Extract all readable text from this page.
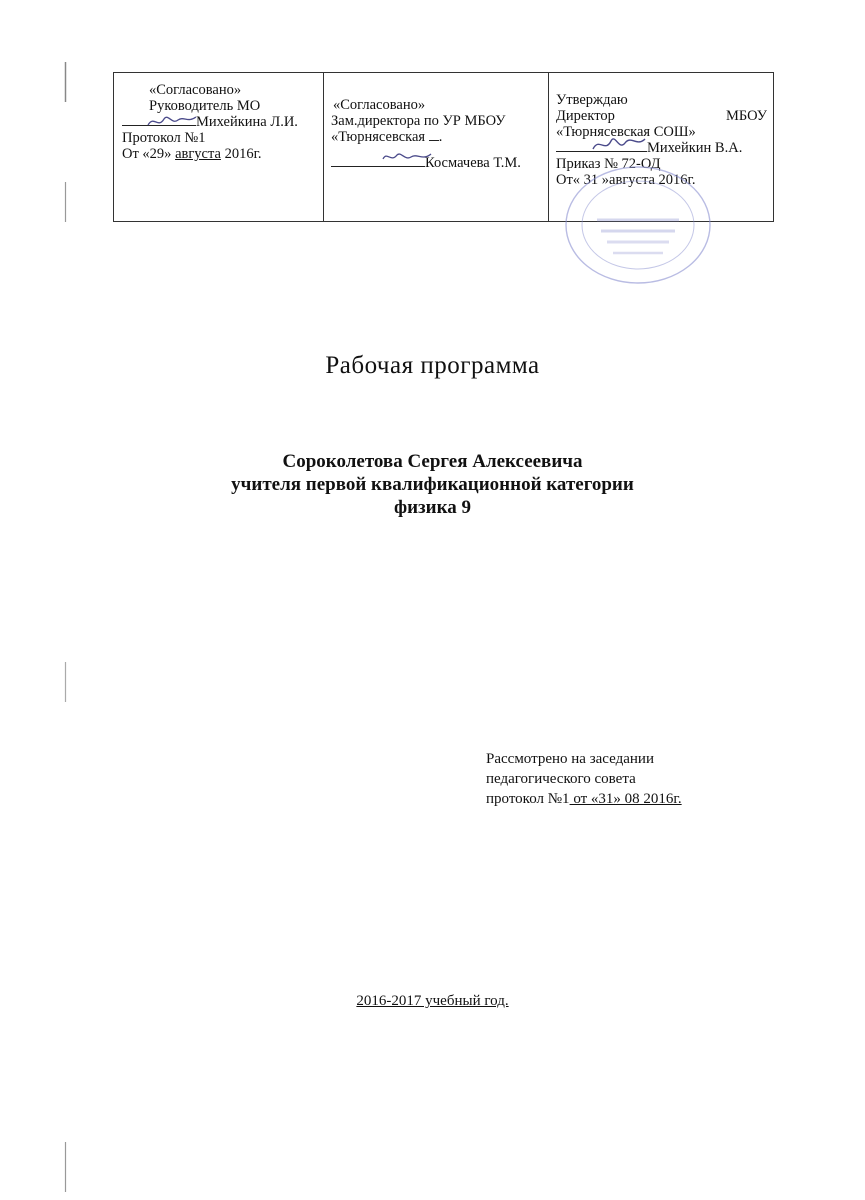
«Согласовано»
Руководитель МО
Михейкина Л.И.
Протокол №1
От «29» августа 2016г.

«Согласовано»
Зам.директора по УР МБОУ
«Тюрнясевская .
Космачева Т.М.

Утверждаю
Директор	МБОУ
«Тюрнясевская СОШ»
Михейкин В.А.
Приказ № 72-ОД
От« 31 »августа 2016г.
Рабочая программа
Сороколетова Сергея Алексеевича
учителя первой квалификационной категории
физика 9
Рассмотрено на заседании
педагогического совета
протокол №1 от «31» 08 2016г.
2016-2017 учебный год.
